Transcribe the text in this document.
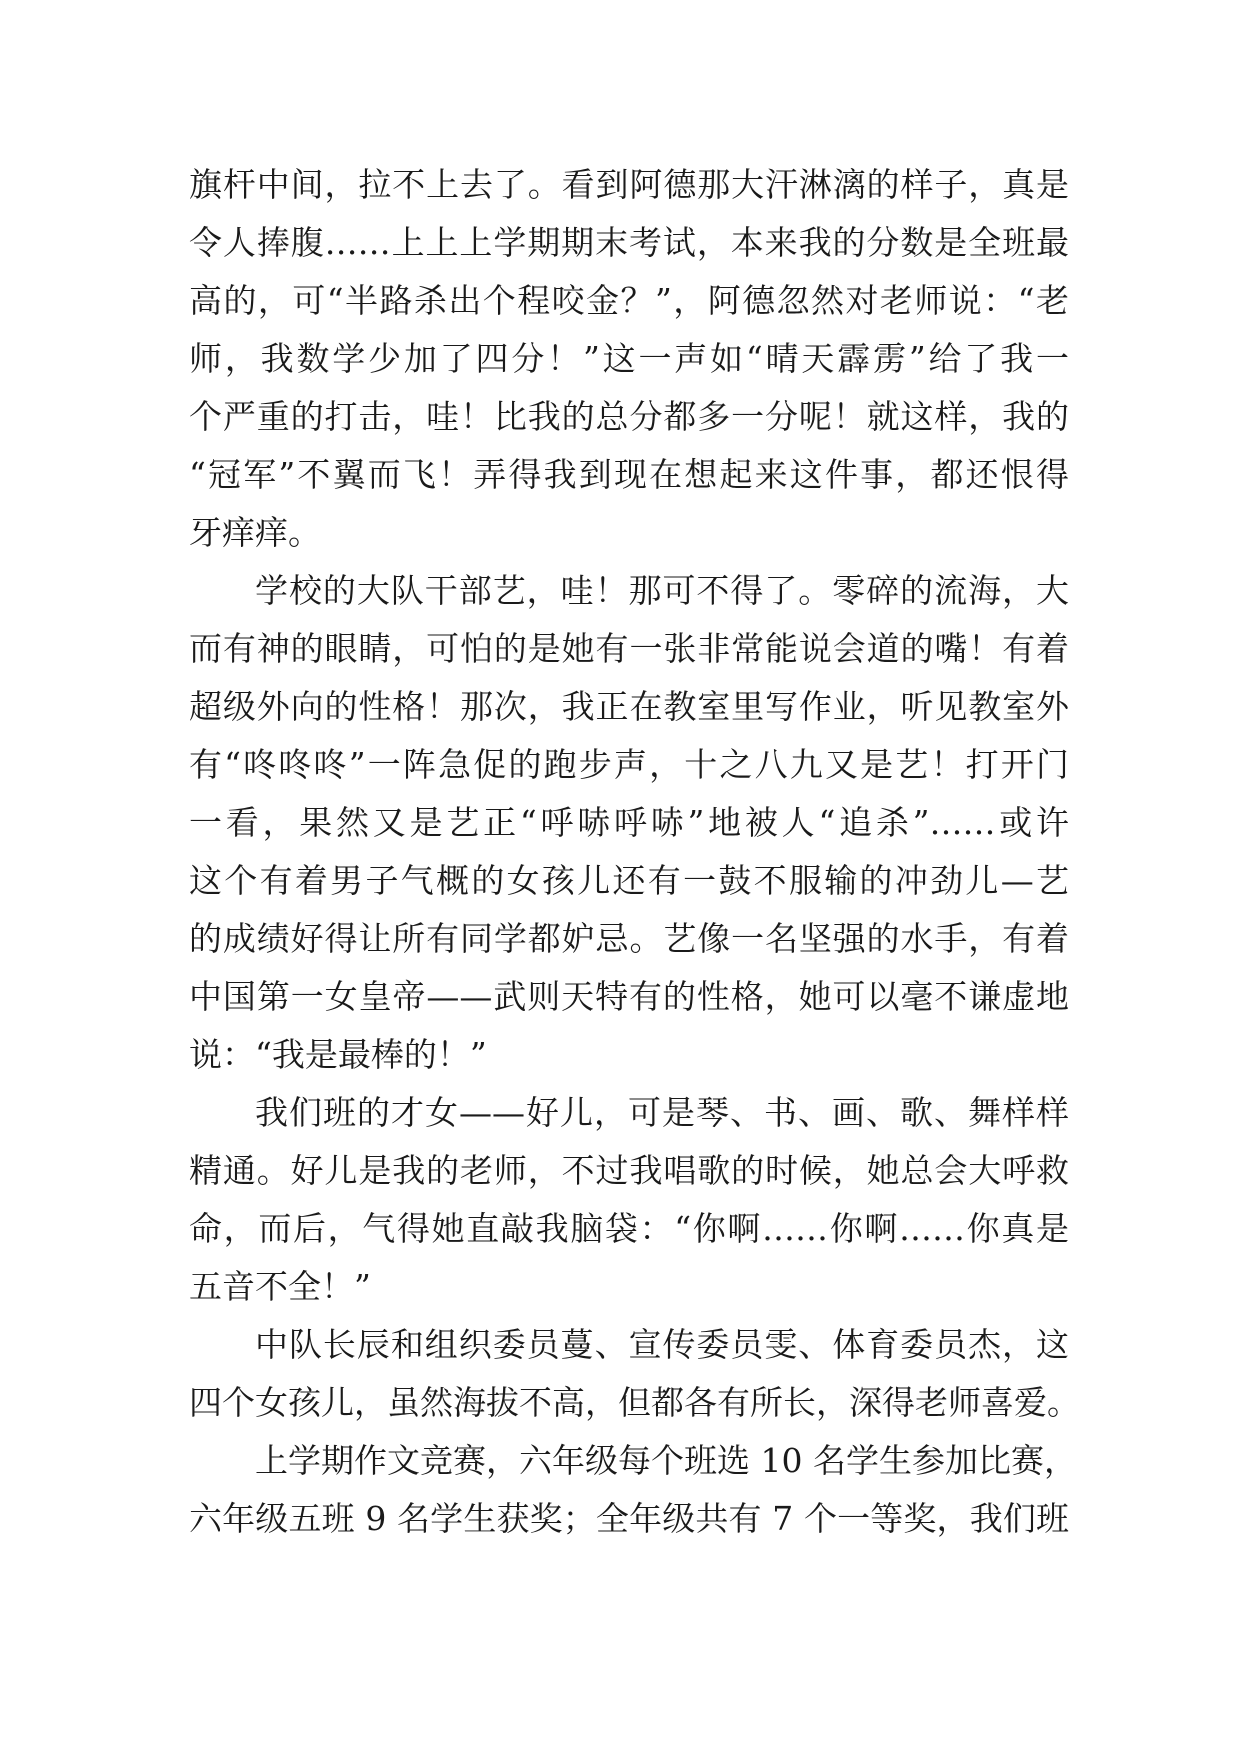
旗杆中间，拉不上去了。看到阿德那大汗淋漓的样子，真是
令人捧腹……上上上学期期末考试，本来我的分数是全班最
高的，可“半路杀出个程咬金？”，阿德忽然对老师说：“老
师，我数学少加了四分！”这一声如“晴天霹雳”给了我一
个严重的打击，哇！比我的总分都多一分呢！就这样，我的
“冠军”不翼而飞！弄得我到现在想起来这件事，都还恨得
牙痒痒。
学校的大队干部艺，哇！那可不得了。零碎的流海，大
而有神的眼睛，可怕的是她有一张非常能说会道的嘴！有着
超级外向的性格！那次，我正在教室里写作业，听见教室外
有“咚咚咚”一阵急促的跑步声，十之八九又是艺！打开门
一看，果然又是艺正“呼哧呼哧”地被人“追杀”……或许
这个有着男子气概的女孩儿还有一鼓不服输的冲劲儿—艺
的成绩好得让所有同学都妒忌。艺像一名坚强的水手，有着
中国第一女皇帝——武则天特有的性格，她可以毫不谦虚地
说：“我是最棒的！”
我们班的才女——好儿，可是琴、书、画、歌、舞样样
精通。好儿是我的老师，不过我唱歌的时候，她总会大呼救
命，而后，气得她直敲我脑袋：“你啊……你啊……你真是
五音不全！”
中队长辰和组织委员蔓、宣传委员雯、体育委员杰，这
四个女孩儿，虽然海拔不高，但都各有所长，深得老师喜爱。
上学期作文竞赛，六年级每个班选 10 名学生参加比赛，
六年级五班 9 名学生获奖；全年级共有 7 个一等奖，我们班
